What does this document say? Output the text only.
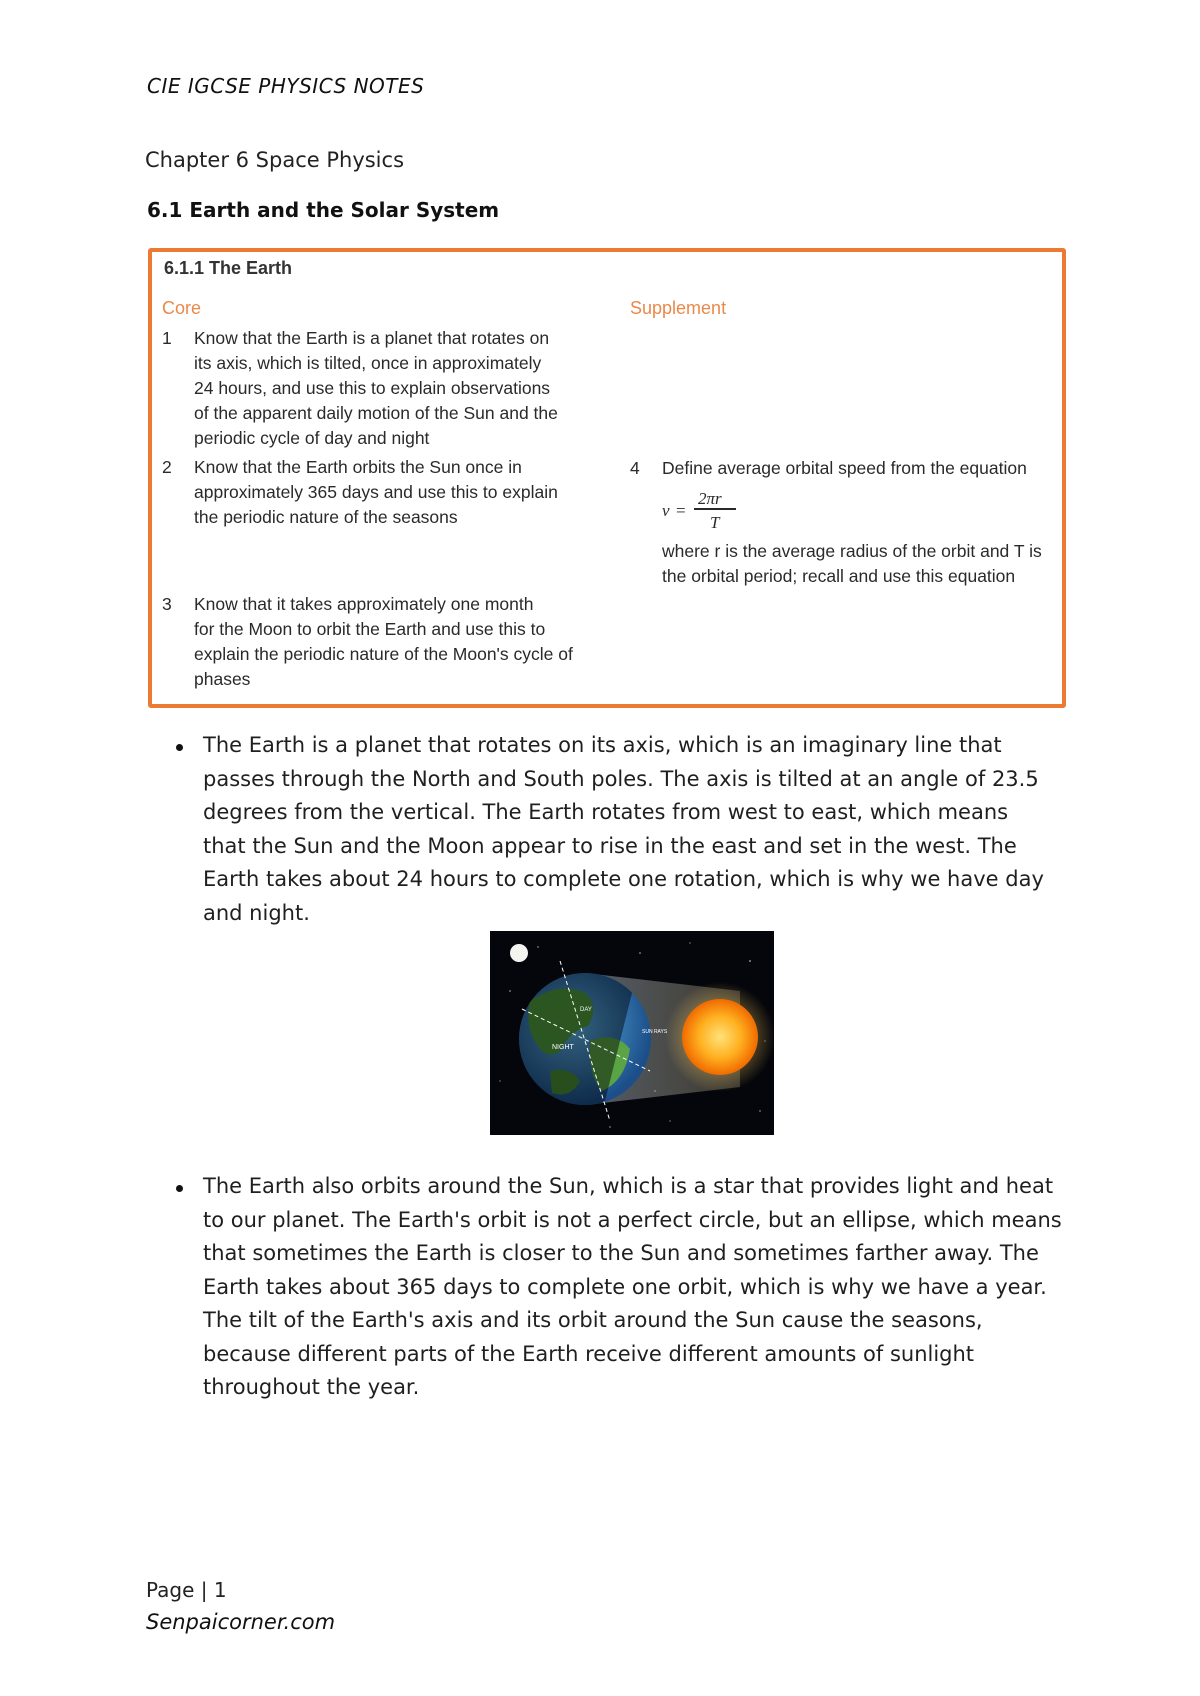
CIE IGCSE PHYSICS NOTES
Chapter 6 Space Physics
6.1 Earth and the Solar System
6.1.1 The Earth
Core	Supplement
1 Know that the Earth is a planet that rotates on
its axis, which is tilted, once in approximately
24 hours, and use this to explain observations
of the apparent daily motion of the Sun and the
periodic cycle of day and night
2 Know that the Earth orbits the Sun once in
approximately 365 days and use this to explain
the periodic nature of the seasons
3 Know that it takes approximately one month
for the Moon to orbit the Earth and use this to
explain the periodic nature of the Moon's cycle of
phases
4 Define average orbital speed from the equation
where r is the average radius of the orbit and T is
the orbital period; recall and use this equation
v =
2πr
T
The Earth is a planet that rotates on its axis, which is an imaginary line that
passes through the North and South poles. The axis is tilted at an angle of 23.5
degrees from the vertical. The Earth rotates from west to east, which means
that the Sun and the Moon appear to rise in the east and set in the west. The
Earth takes about 24 hours to complete one rotation, which is why we have day
and night.
NIGHT
DAY
SUN RAYS
The Earth also orbits around the Sun, which is a star that provides light and heat
to our planet. The Earth's orbit is not a perfect circle, but an ellipse, which means
that sometimes the Earth is closer to the Sun and sometimes farther away. The
Earth takes about 365 days to complete one orbit, which is why we have a year.
The tilt of the Earth's axis and its orbit around the Sun cause the seasons,
because different parts of the Earth receive different amounts of sunlight
throughout the year.
Page | 1
Senpaicorner.com
